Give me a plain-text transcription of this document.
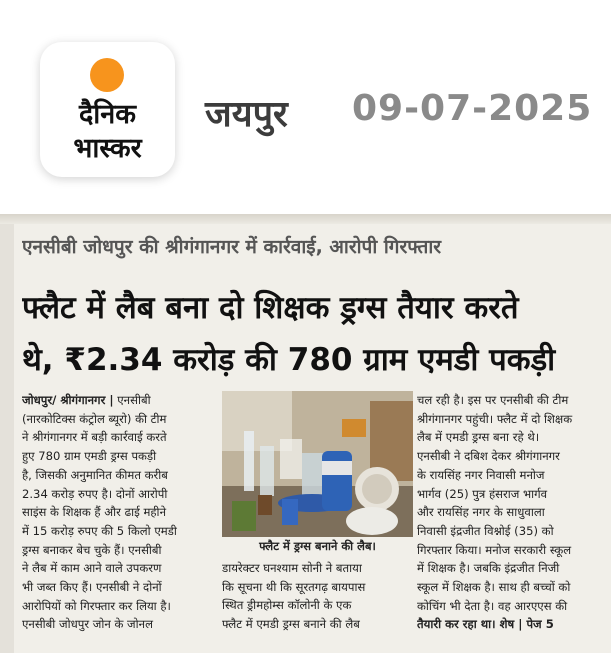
दैनिक
भास्कर
जयपुर 09-07-2025
एनसीबी जोधपुर की श्रीगंगानगर में कार्रवाई, आरोपी गिरफ्तार
फ्लैट में लैब बना दो शिक्षक ड्रग्स तैयार करते
थे, ₹2.34 करोड़ की 780 ग्राम एमडी पकड़ी
जोधपुर/ श्रीगंगानगर | एनसीबी
(नारकोटिक्स कंट्रोल ब्यूरो) की टीम
ने श्रीगंगानगर में बड़ी कार्रवाई करते
हुए 780 ग्राम एमडी ड्रग्स पकड़ी
है, जिसकी अनुमानित कीमत करीब
2.34 करोड़ रुपए है। दोनों आरोपी
साइंस के शिक्षक हैं और ढाई महीने
में 15 करोड़ रुपए की 5 किलो एमडी
ड्रग्स बनाकर बेच चुके हैं। एनसीबी
ने लैब में काम आने वाले उपकरण
भी जब्त किए हैं। एनसीबी ने दोनों
आरोपियों को गिरफ्तार कर लिया है।
एनसीबी जोधपुर जोन के जोनल
फ्लैट में ड्रग्स बनाने की लैब।
डायरेक्टर घनश्याम सोनी ने बताया
कि सूचना थी कि सूरतगढ़ बायपास
स्थित ड्रीमहोम्स कॉलोनी के एक
फ्लैट में एमडी ड्रग्स बनाने की लैब
चल रही है। इस पर एनसीबी की टीम
श्रीगंगानगर पहुंची। फ्लैट में दो शिक्षक
लैब में एमडी ड्रग्स बना रहे थे।
एनसीबी ने दबिश देकर श्रीगंगानगर
के रायसिंह नगर निवासी मनोज
भार्गव (25) पुत्र हंसराज भार्गव
और रायसिंह नगर के साधुवाला
निवासी इंद्रजीत विश्नोई (35) को
गिरफ्तार किया। मनोज सरकारी स्कूल
में शिक्षक है। जबकि इंद्रजीत निजी
स्कूल में शिक्षक है। साथ ही बच्चों को
कोचिंग भी देता है। वह आरएएस की
तैयारी कर रहा था। शेष | पेज 5
